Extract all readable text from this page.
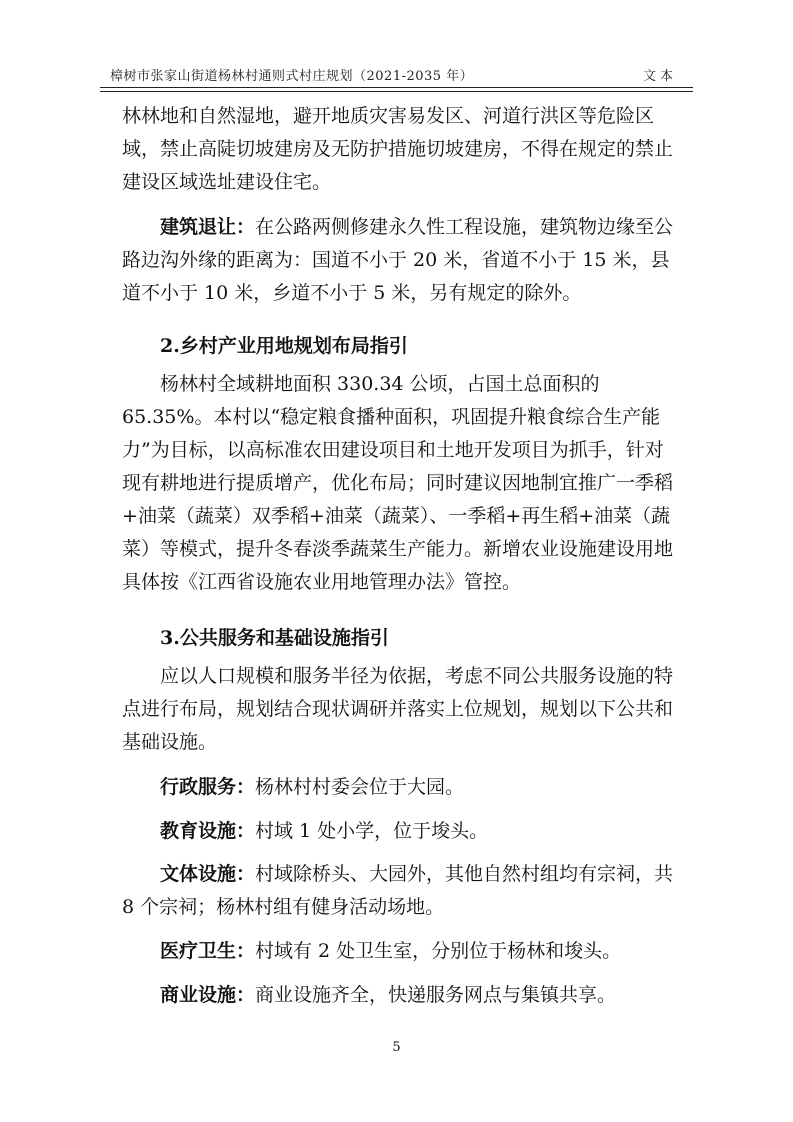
樟树市张家山街道杨林村通则式村庄规划（2021-2035 年）	文本

林林地和自然湿地，避开地质灾害易发区、河道行洪区等危险区域，禁止高陡切坡建房及无防护措施切坡建房，不得在规定的禁止建设区域选址建设住宅。

建筑退让：在公路两侧修建永久性工程设施，建筑物边缘至公路边沟外缘的距离为：国道不小于 20 米，省道不小于 15 米，县道不小于 10 米，乡道不小于 5 米，另有规定的除外。

2.乡村产业用地规划布局指引

杨林村全域耕地面积 330.34 公顷，占国土总面积的 65.35%。本村以“稳定粮食播种面积，巩固提升粮食综合生产能力”为目标，以高标准农田建设项目和土地开发项目为抓手，针对现有耕地进行提质增产，优化布局；同时建议因地制宜推广一季稻+油菜（蔬菜）双季稻+油菜（蔬菜）、一季稻+再生稻+油菜（蔬菜）等模式，提升冬春淡季蔬菜生产能力。新增农业设施建设用地具体按《江西省设施农业用地管理办法》管控。

3.公共服务和基础设施指引

应以人口规模和服务半径为依据，考虑不同公共服务设施的特点进行布局，规划结合现状调研并落实上位规划，规划以下公共和基础设施。

行政服务：杨林村村委会位于大园。

教育设施：村域 1 处小学，位于埈头。

文体设施：村域除桥头、大园外，其他自然村组均有宗祠，共 8 个宗祠；杨林村组有健身活动场地。

医疗卫生：村域有 2 处卫生室，分别位于杨林和埈头。

商业设施：商业设施齐全，快递服务网点与集镇共享。

5
